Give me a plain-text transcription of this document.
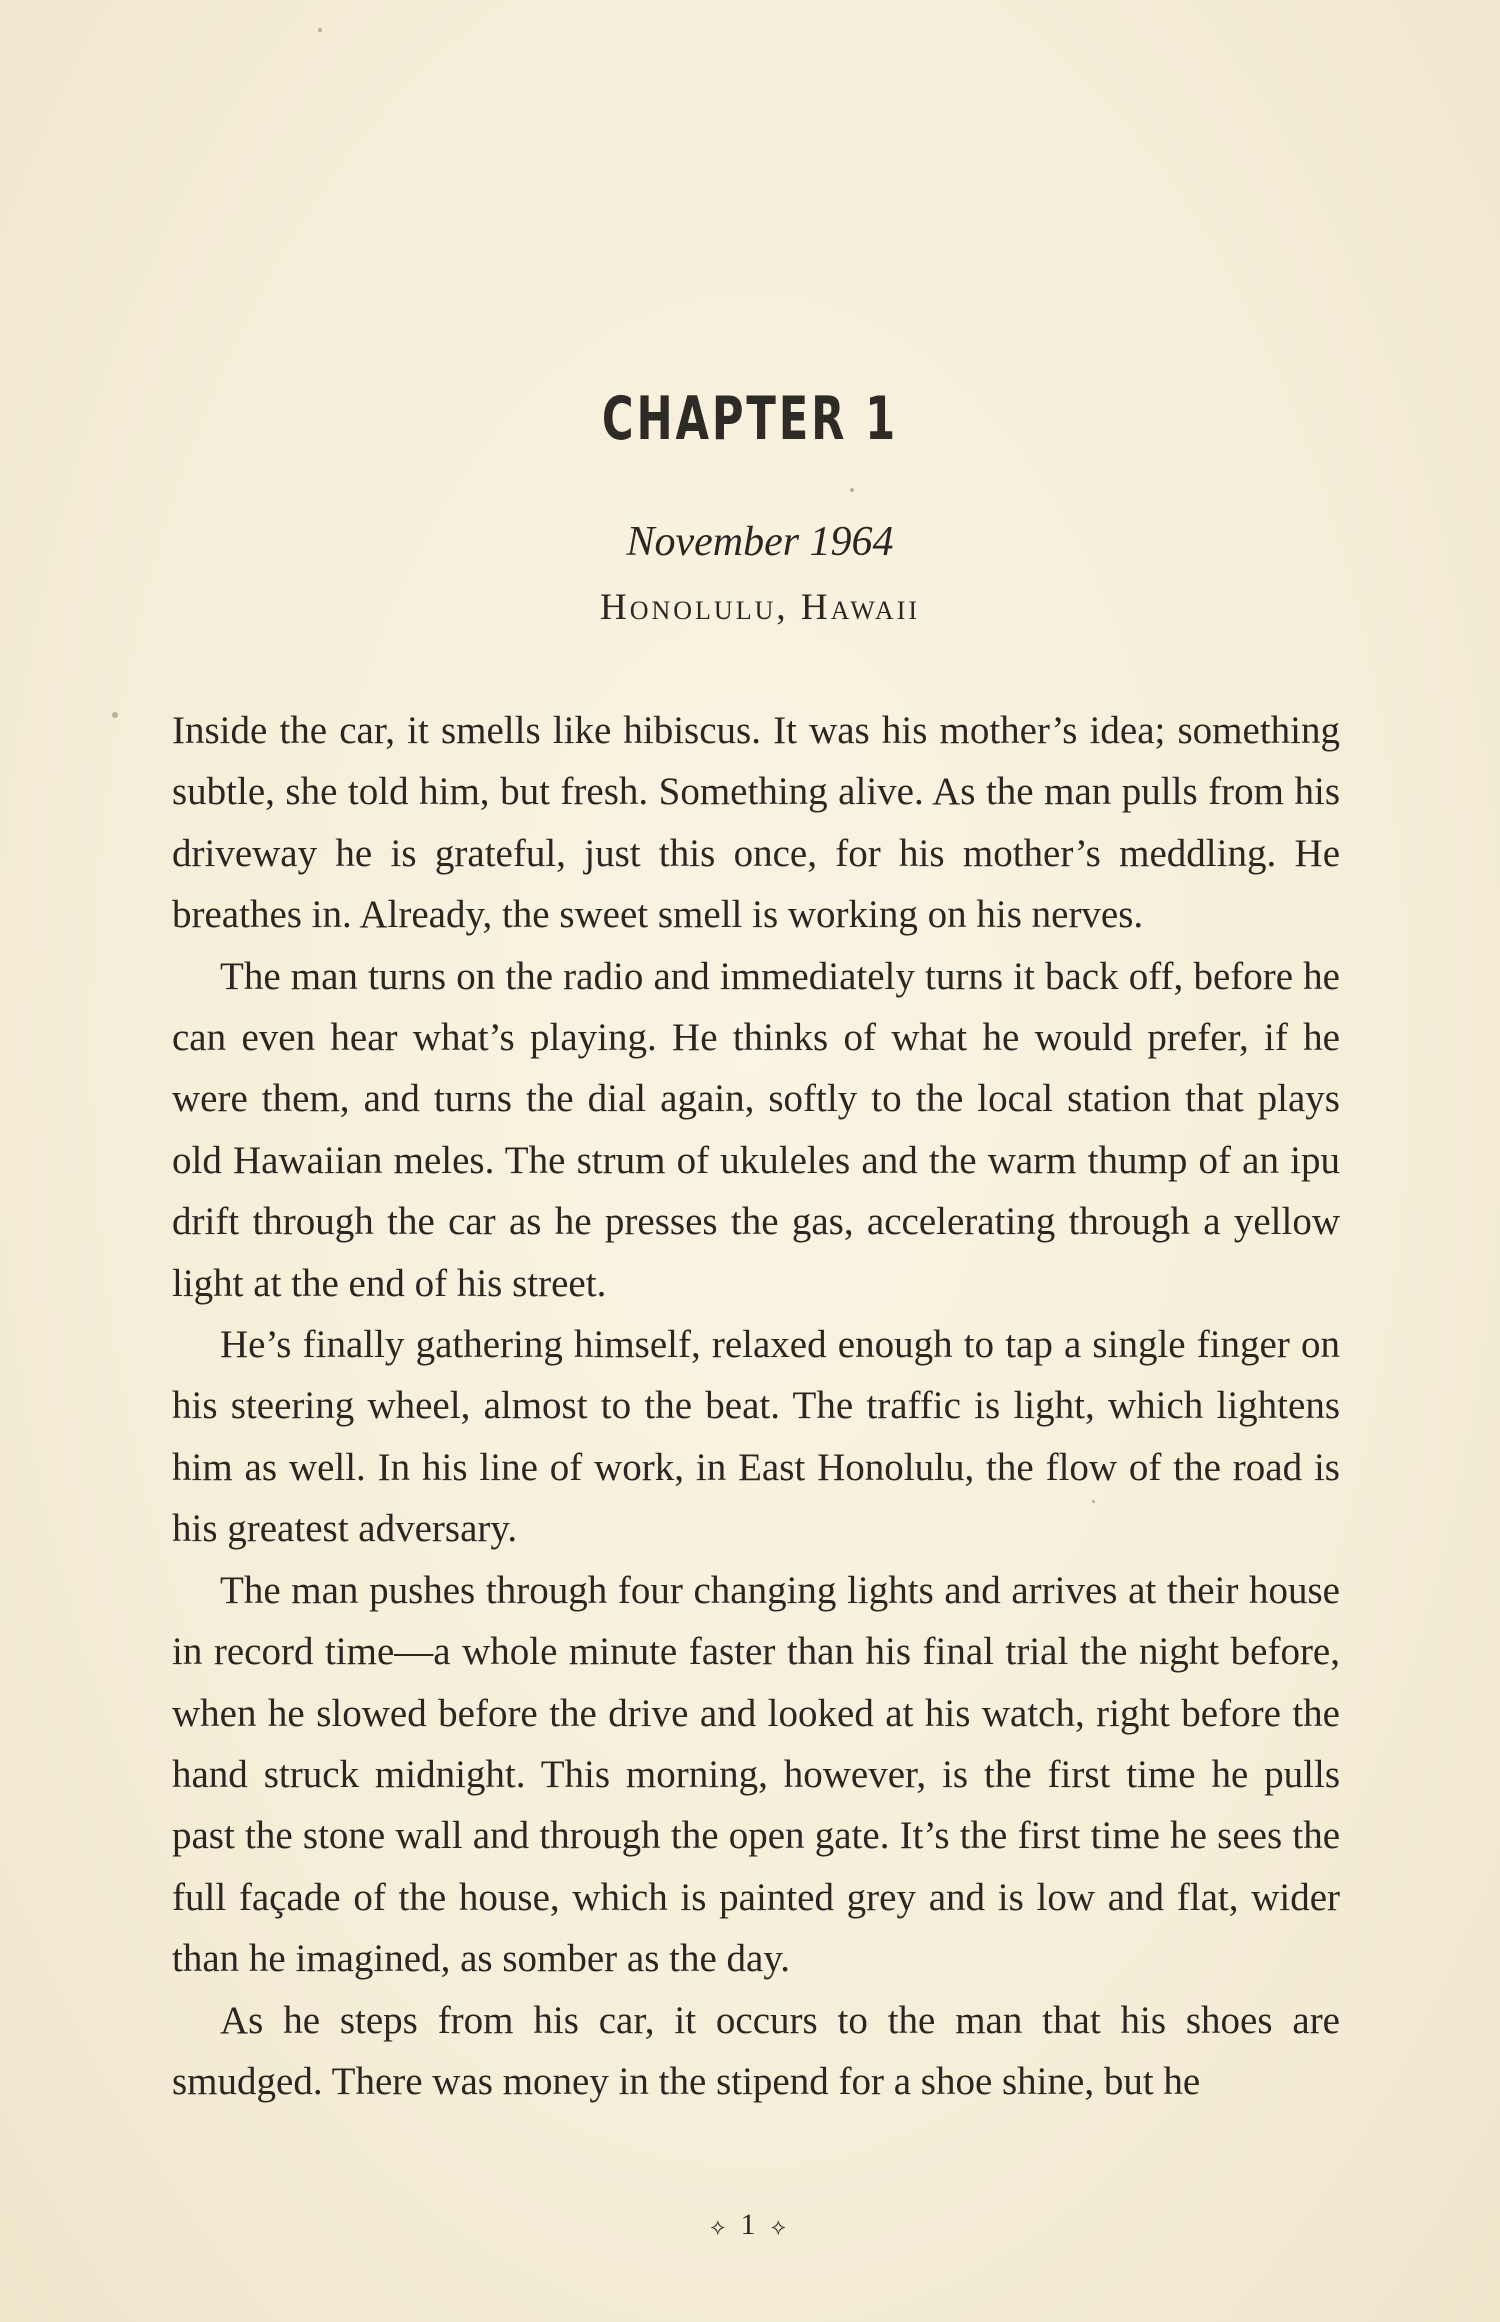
CHAPTER 1
November 1964
Honolulu, Hawaii

Inside the car, it smells like hibiscus. It was his mother’s idea; something subtle, she told him, but fresh. Something alive. As the man pulls from his driveway he is grateful, just this once, for his mother’s meddling. He breathes in. Already, the sweet smell is working on his nerves.

The man turns on the radio and immediately turns it back off, before he can even hear what’s playing. He thinks of what he would prefer, if he were them, and turns the dial again, softly to the local station that plays old Hawaiian meles. The strum of ukuleles and the warm thump of an ipu drift through the car as he presses the gas, accelerating through a yellow light at the end of his street.

He’s finally gathering himself, relaxed enough to tap a single finger on his steering wheel, almost to the beat. The traffic is light, which lightens him as well. In his line of work, in East Honolulu, the flow of the road is his greatest adversary.

The man pushes through four changing lights and arrives at their house in record time—a whole minute faster than his final trial the night before, when he slowed before the drive and looked at his watch, right before the hand struck midnight. This morning, however, is the first time he pulls past the stone wall and through the open gate. It’s the first time he sees the full façade of the house, which is painted grey and is low and flat, wider than he imagined, as somber as the day.

As he steps from his car, it occurs to the man that his shoes are smudged. There was money in the stipend for a shoe shine, but he

⟡ 1 ⟡
